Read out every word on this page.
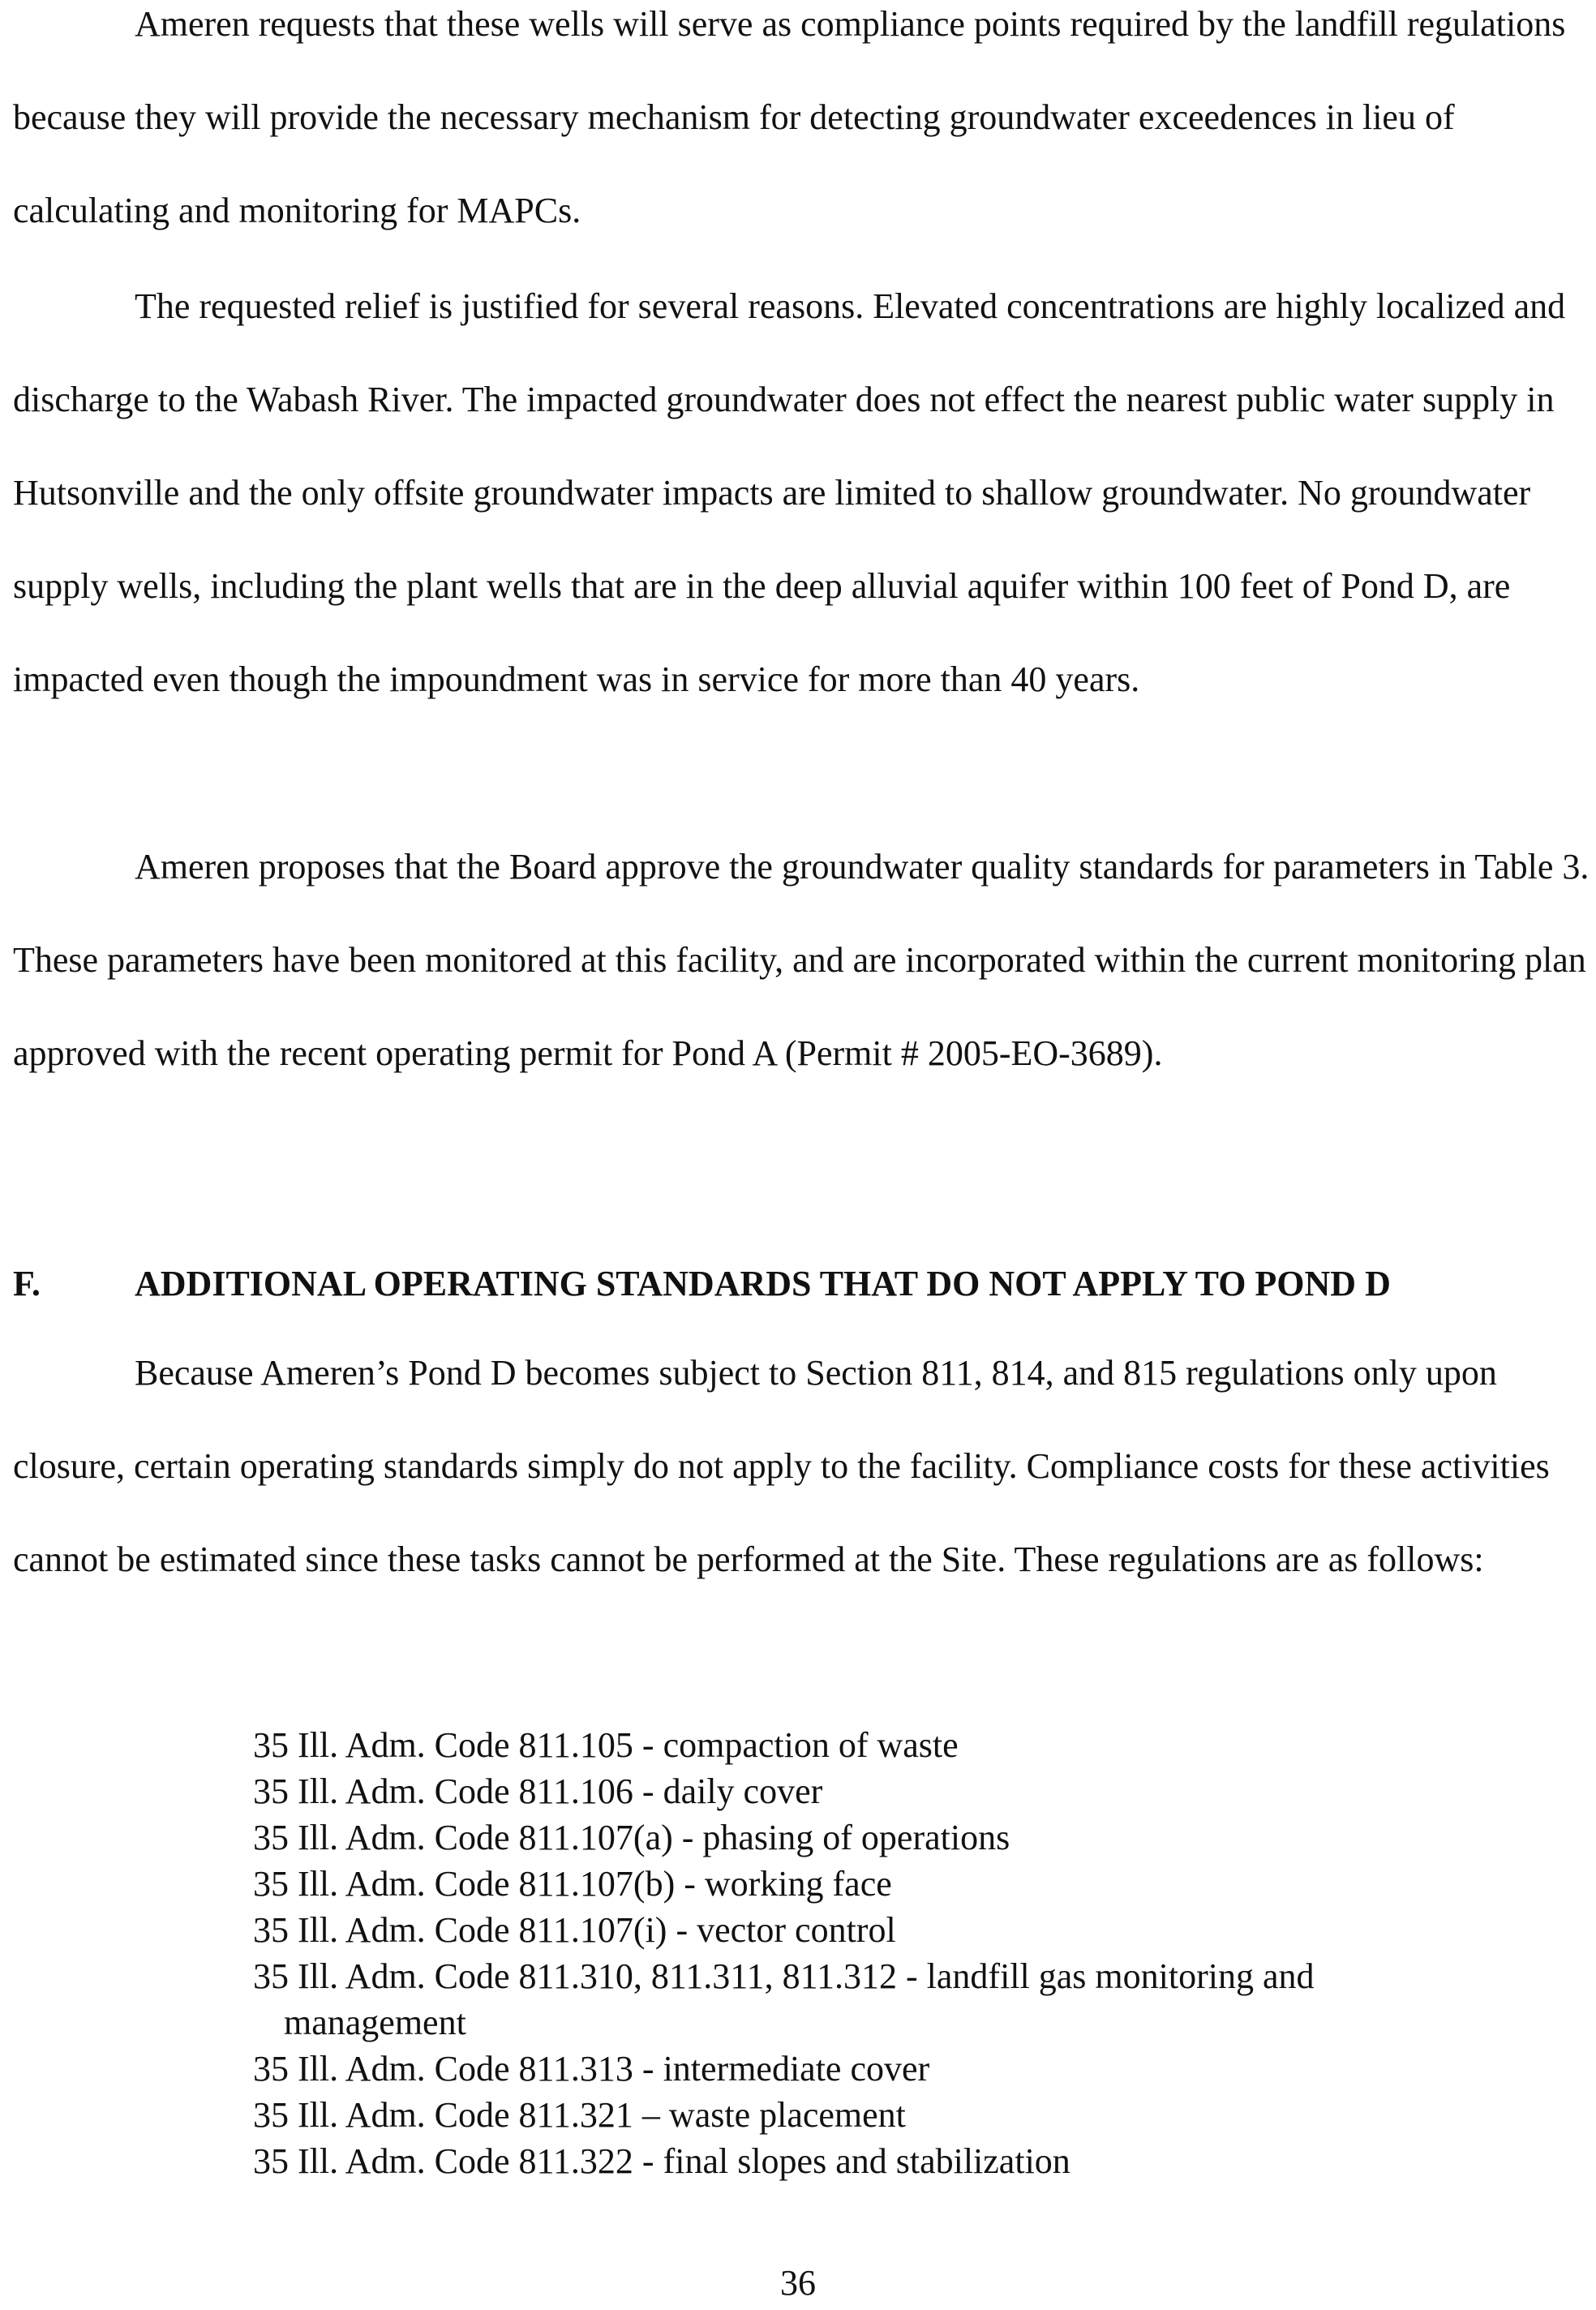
Ameren requests that these wells will serve as compliance points required by the landfill regulations because they will provide the necessary mechanism for detecting groundwater exceedences in lieu of calculating and monitoring for MAPCs.

The requested relief is justified for several reasons. Elevated concentrations are highly localized and discharge to the Wabash River. The impacted groundwater does not effect the nearest public water supply in Hutsonville and the only offsite groundwater impacts are limited to shallow groundwater. No groundwater supply wells, including the plant wells that are in the deep alluvial aquifer within 100 feet of Pond D, are impacted even though the impoundment was in service for more than 40 years.

Ameren proposes that the Board approve the groundwater quality standards for parameters in Table 3. These parameters have been monitored at this facility, and are incorporated within the current monitoring plan approved with the recent operating permit for Pond A (Permit # 2005-EO-3689).

F.	ADDITIONAL OPERATING STANDARDS THAT DO NOT APPLY TO POND D

Because Ameren’s Pond D becomes subject to Section 811, 814, and 815 regulations only upon closure, certain operating standards simply do not apply to the facility. Compliance costs for these activities cannot be estimated since these tasks cannot be performed at the Site. These regulations are as follows:

35 Ill. Adm. Code 811.105 - compaction of waste
35 Ill. Adm. Code 811.106 - daily cover
35 Ill. Adm. Code 811.107(a) - phasing of operations
35 Ill. Adm. Code 811.107(b) - working face
35 Ill. Adm. Code 811.107(i) - vector control
35 Ill. Adm. Code 811.310, 811.311, 811.312 - landfill gas monitoring and management
35 Ill. Adm. Code 811.313 - intermediate cover
35 Ill. Adm. Code 811.321 – waste placement
35 Ill. Adm. Code 811.322 - final slopes and stabilization
36
